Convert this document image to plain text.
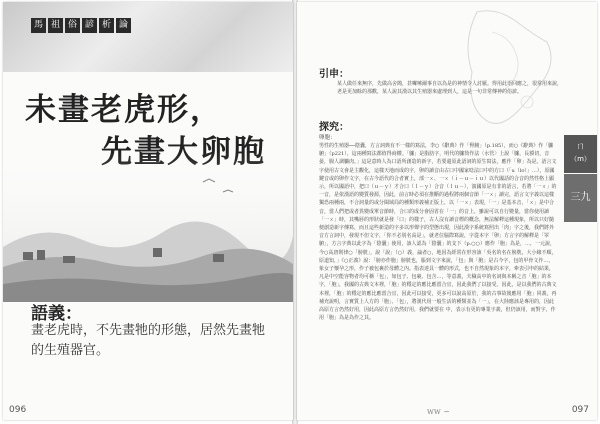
馬 祖 俗 諺 析 論
未畫老虎形，
語義：
畫老虎時，不先畫牠的形態，居然先畫牠的生殖器官。
096
引申：
某人做任來無序，先做高舍簡，甚囉嗦爾事自以為是的神情令人討厭。得用此语回應之，很常用來說，老是更加餘的那歡，某人說其漢以其生殖器來處理到人，這是一句非常傳神的俗諺。
探究：
卵胞：

男性的生殖器──陰囊，方言詞典有不一樣的寫法，李○《辭典》作「腎腑」（p.185），而○《辭典》作「臁腑」（p221），這兩種寫法都值得商權。「臁」是脂肪字，明代的臁筒作法〈水管〉上說「臁，長貘切，音晏，腸人調臁肉。」這是意時人為口語所創造的新字，若要還原此語詞的原生寫法，應作「卵」為是。語言文字使用古文會是主觀化，這樣天地而成的字，卵的讀音由古口中國家唸法口中的方口（「u（lʊ）」…），原國鍵音或的卵作文字，在古今語代的合者實上，部一ㄨ、一ㄨ（ｉ－ｕ－ｉｕ）以代國話的合音的然性格上顯示，所以國語中，把口（ｕ－ｙ）才合口（ｌ－ｙ）合音（ｌｕ－），演國原是有非的語言，若將「一ㄨ」的一音，是依漢語的變質發源，因此，前言時必須在推斷的過程將兩個音節「一ㄨ」讀完，語言文字義以這樣獨恐兩種兩，不合詞量的或分閩域局的種類形義補正版上，以「一ㄨ」表現，「一」是基本音，「ㄨ」是中合音，當人們把或者異變成單音節時，合口的成分會固省在「一」的音上，雖說可以自行變量，當你使用讀「一ㄨ」時，其嘴唇的形狀就是發「口」的樣子，古人沒有讀音標的概念，無法解釋這種現象，所以只好隨便創造新字傳寫，而且這些新造的字多以形聲字的型態出現，因此漢字系統寫照出「肉」字之後，我們將外音方言詞中，發現不但文字，「你不必別名高是」，就老位腦際寫說，字從本字「卵」方言字的解釋是「睪腑」，方言字典以此字為「陰囊」使用，該人認為「陰囊」的支下（p.○○）應作「胞」為是，…，一元說，今○高唐則律○「膀胱」，說「說」（○）義，論者○，地因為經常在形容該「吳名的名在膀胱，大小緣不順，原道知，」《○正義》說：「膀亦作胞」膀胱也，脹到文字來說，「包」與「胞」是古今字，包的甲骨文作…，象女子懷孕之形，作子被包裹於母體之內。指表達具一體的形式，也不自然現象的本字，牽表引申的結果，凡是中空能容物者均可稱「包」，如包子、包裹、包含…，等意義，夫穢高中的名詞與本稱之音「胞」的本字，「胞」，我國的古典文本裡，「胞」的穩定的應比應當合宜，因此我們了以接受。因此，是以我們的古典文本裡，「胞」的穩定的應比應當合宜，因此可以接受，更多可以說高原於，我的古事故後應用「胞」同義，再補充說明，言實質上人方的「胞」、「包」，將漢代用一般生活的種類並為「一」，在大陸應該是專用的，因此高原方言仍然好用，因此高原方言仍然好用，我們就要在 中，表示有更的專業字義，但仍該用，而對字，作用「胞」為是為作之其。

ㄇ
（m）
三九
ww ~	097
